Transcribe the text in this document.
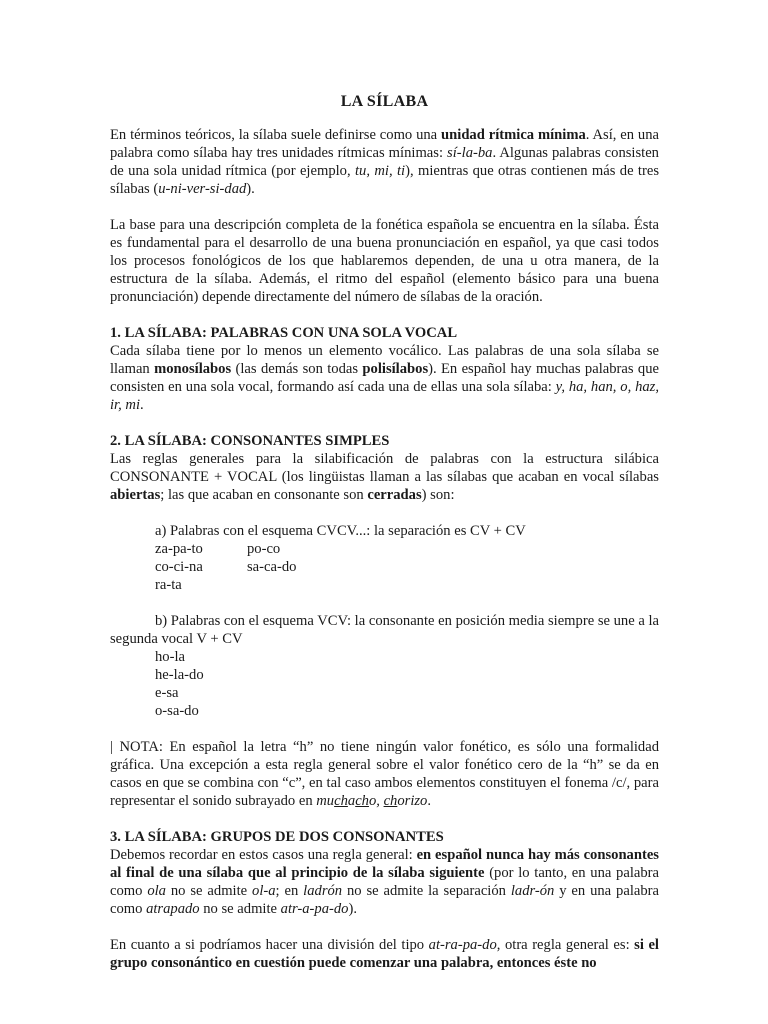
LA SÍLABA

En términos teóricos, la sílaba suele definirse como una unidad rítmica mínima. Así, en una palabra como sílaba hay tres unidades rítmicas mínimas: sí-la-ba. Algunas palabras consisten de una sola unidad rítmica (por ejemplo, tu, mi, ti), mientras que otras contienen más de tres sílabas (u-ni-ver-si-dad).

La base para una descripción completa de la fonética española se encuentra en la sílaba. Ésta es fundamental para el desarrollo de una buena pronunciación en español, ya que casi todos los procesos fonológicos de los que hablaremos dependen, de una u otra manera, de la estructura de la sílaba. Además, el ritmo del español (elemento básico para una buena pronunciación) depende directamente del número de sílabas de la oración.

1. LA SÍLABA: PALABRAS CON UNA SOLA VOCAL

Cada sílaba tiene por lo menos un elemento vocálico. Las palabras de una sola sílaba se llaman monosílabos (las demás son todas polisílabos). En español hay muchas palabras que consisten en una sola vocal, formando así cada una de ellas una sola sílaba: y, ha, han, o, haz, ir, mi.

2. LA SÍLABA: CONSONANTES SIMPLES

Las reglas generales para la silabificación de palabras con la estructura silábica CONSONANTE + VOCAL (los lingüistas llaman a las sílabas que acaban en vocal sílabas abiertas; las que acaban en consonante son cerradas) son:

a) Palabras con el esquema CVCV...: la separación es CV + CV

za-pa-to	po-co
co-ci-na	sa-ca-do
ra-ta

b) Palabras con el esquema VCV: la consonante en posición media siempre se une a la segunda vocal V + CV

ho-la
he-la-do
e-sa
o-sa-do

| NOTA: En español la letra “h” no tiene ningún valor fonético, es sólo una formalidad gráfica. Una excepción a esta regla general sobre el valor fonético cero de la “h” se da en casos en que se combina con “c”, en tal caso ambos elementos constituyen el fonema /c/, para representar el sonido subrayado en muchacho, chorizo.

3. LA SÍLABA: GRUPOS DE DOS CONSONANTES

Debemos recordar en estos casos una regla general: en español nunca hay más consonantes al final de una sílaba que al principio de la sílaba siguiente (por lo tanto, en una palabra como ola no se admite ol-a; en ladrón no se admite la separación ladr-ón y en una palabra como atrapado no se admite atr-a-pa-do).

En cuanto a si podríamos hacer una división del tipo at-ra-pa-do, otra regla general es: si el grupo consonántico en cuestión puede comenzar una palabra, entonces éste no
